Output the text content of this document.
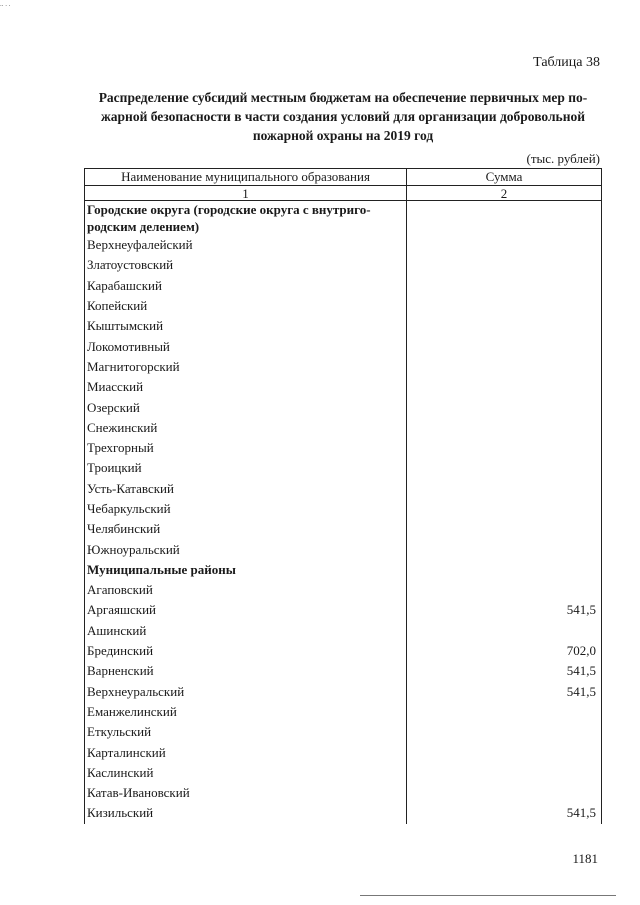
.. . .
Таблица 38
Распределение субсидий местным бюджетам на обеспечение первичных мер по-жарной безопасности в части создания условий для организации добровольной пожарной охраны на 2019 год
(тыс. рублей)
Наименование муниципального образования	Сумма
1	2
Городские округа (городские округа с внутриго-родским делением)	
Верхнеуфалейский	
Златоустовский	
Карабашский	
Копейский	
Кыштымский	
Локомотивный	
Магнитогорский	
Миасский	
Озерский	
Снежинский	
Трехгорный	
Троицкий	
Усть-Катавский	
Чебаркульский	
Челябинский	
Южноуральский	
Муниципальные районы	
Агаповский	
Аргаяшский	541,5
Ашинский	
Брединский	702,0
Варненский	541,5
Верхнеуральский	541,5
Еманжелинский	
Еткульский	
Карталинский	
Каслинский	
Катав-Ивановский	
Кизильский	541,5
1181
